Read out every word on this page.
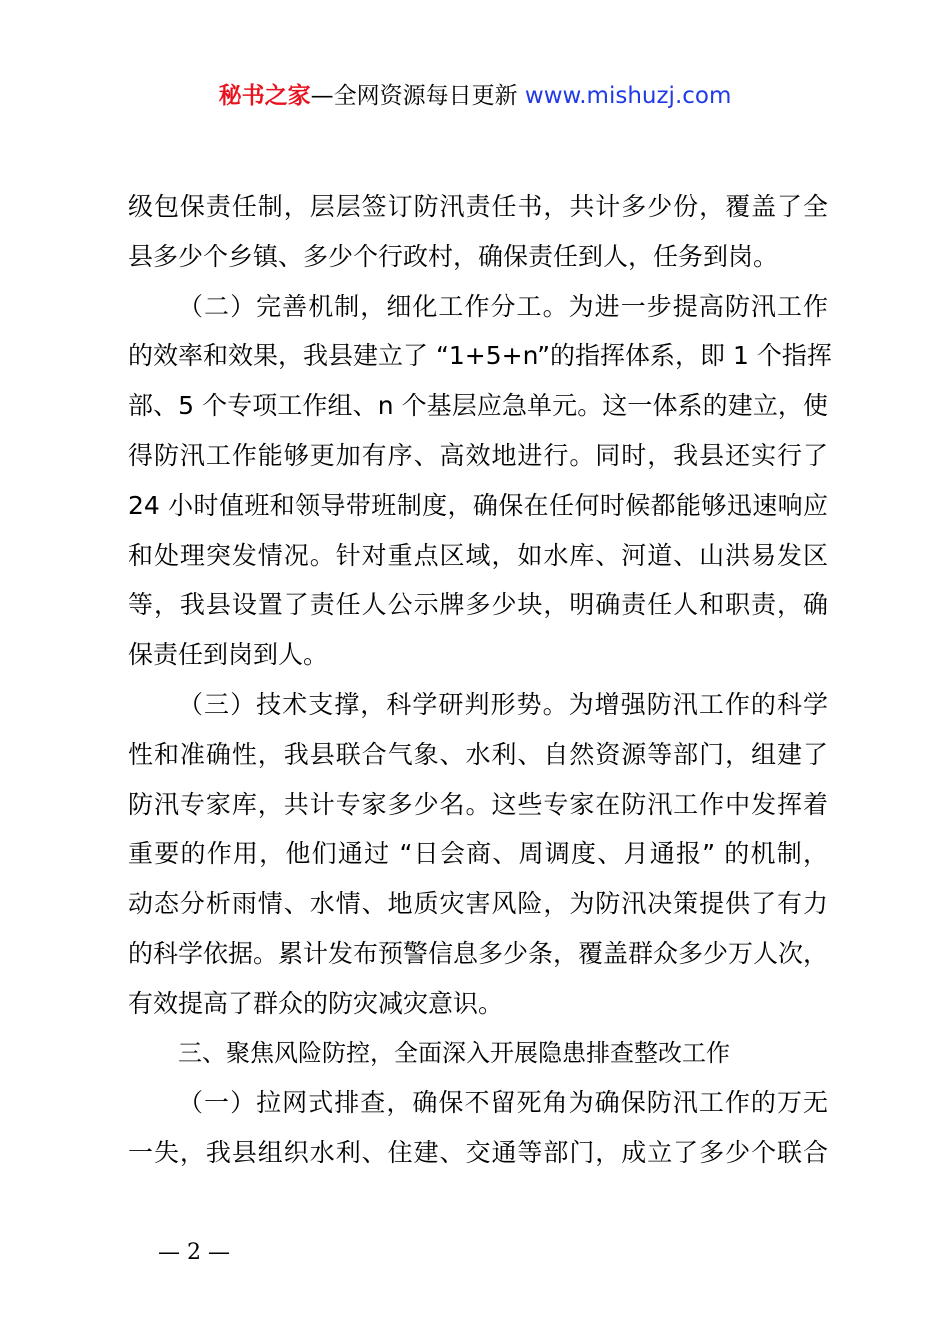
秘书之家—全网资源每日更新 www.mishuzj.com
级包保责任制，层层签订防汛责任书，共计多少份，覆盖了全
县多少个乡镇、多少个行政村，确保责任到人，任务到岗。
（二）完善机制，细化工作分工。为进一步提高防汛工作
的效率和效果，我县建立了 “1+5+n”的指挥体系，即 1 个指挥
部、5 个专项工作组、n 个基层应急单元。这一体系的建立，使
得防汛工作能够更加有序、高效地进行。同时，我县还实行了
24 小时值班和领导带班制度，确保在任何时候都能够迅速响应
和处理突发情况。针对重点区域，如水库、河道、山洪易发区
等，我县设置了责任人公示牌多少块，明确责任人和职责，确
保责任到岗到人。
（三）技术支撑，科学研判形势。为增强防汛工作的科学
性和准确性，我县联合气象、水利、自然资源等部门，组建了
防汛专家库，共计专家多少名。这些专家在防汛工作中发挥着
重要的作用，他们通过 “日会商、周调度、月通报” 的机制，
动态分析雨情、水情、地质灾害风险，为防汛决策提供了有力
的科学依据。累计发布预警信息多少条，覆盖群众多少万人次，
有效提高了群众的防灾减灾意识。
三、聚焦风险防控，全面深入开展隐患排查整改工作
（一）拉网式排查，确保不留死角为确保防汛工作的万无
一失，我县组织水利、住建、交通等部门，成立了多少个联合
— 2 —
